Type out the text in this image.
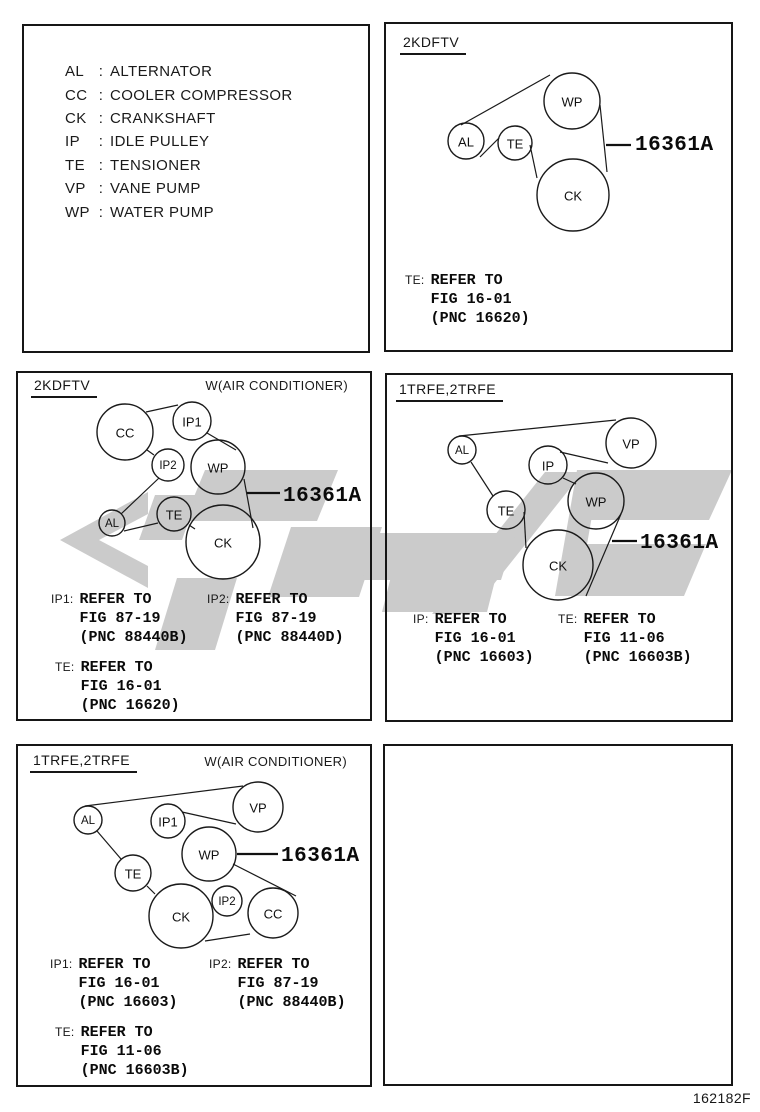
AL : ALTERNATOR
CC : COOLER COMPRESSOR
CK : CRANKSHAFT
IP	: IDLE PULLEY
TE : TENSIONER
VP : VANE PUMP
WP : WATER PUMP
2KDFTV
2KDFTV	W(AIR CONDITIONER)	1TRFE,2TRFE
1TRFE,2TRFE	W(AIR CONDITIONER)
AL	TE
WP
CK
CC
IP1
IP2 WP
AL
TE
CK
AL
IP
VP
WP
TE
CK
AL	IP1
VP
WP
TE
CK
IP2
CC
162182F
16361A
TE: REFER TO
FIG 16-01
(PNC 16620)
16361A
IP1: REFER TO
FIG 87-19
(PNC 88440B)
IP2: REFER TO
FIG 87-19
(PNC 88440D)
TE: REFER TO
FIG 16-01
(PNC 16620)
16361A
IP: REFER TO
FIG 16-01
(PNC 16603)
TE: REFER TO
FIG 11-06
(PNC 16603B)
16361A
IP1: REFER TO
FIG 16-01
(PNC 16603)
IP2: REFER TO
FIG 87-19
(PNC 88440B)
TE: REFER TO
FIG 11-06
(PNC 16603B)
